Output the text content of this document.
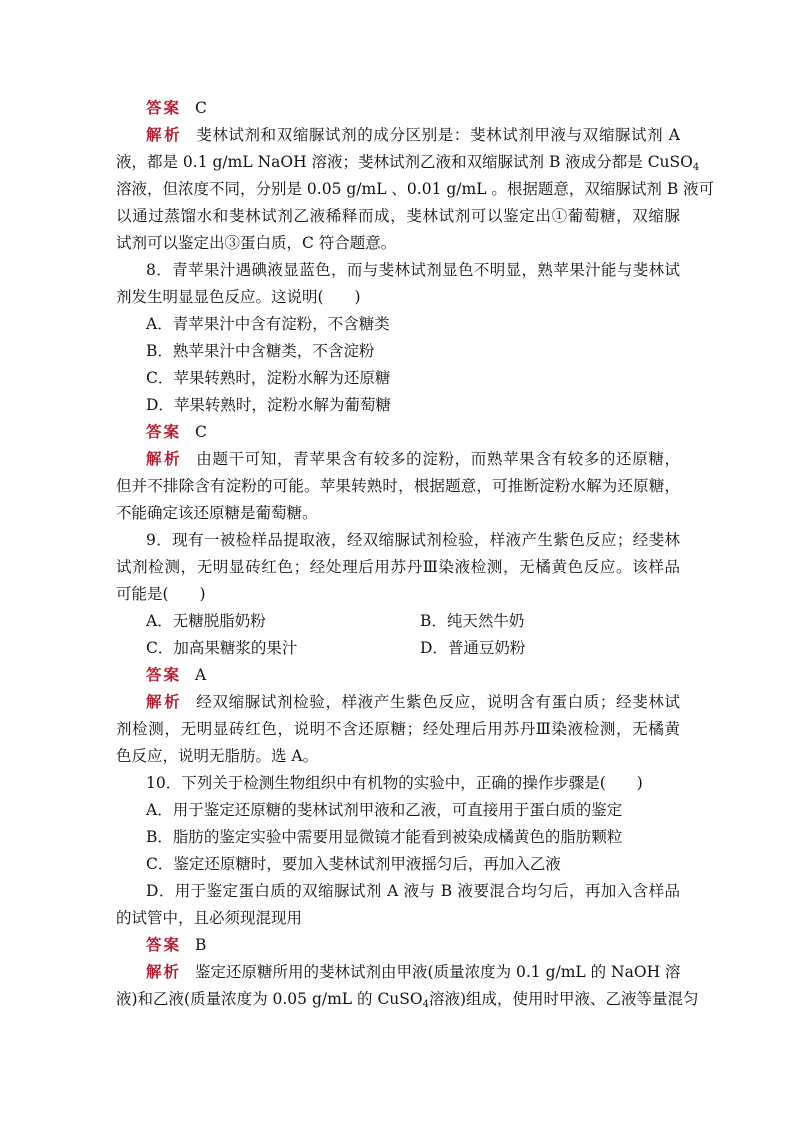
答案 C
解析 斐林试剂和双缩脲试剂的成分区别是：斐林试剂甲液与双缩脲试剂 A
液，都是 0.1 g/mL NaOH 溶液；斐林试剂乙液和双缩脲试剂 B 液成分都是 CuSO$_4$
溶液，但浓度不同，分别是 0.05 g/mL 、0.01 g/mL 。根据题意，双缩脲试剂 B 液可
以通过蒸馏水和斐林试剂乙液稀释而成，斐林试剂可以鉴定出①葡萄糖，双缩脲
试剂可以鉴定出③蛋白质，C 符合题意。
8．青苹果汁遇碘液显蓝色，而与斐林试剂显色不明显，熟苹果汁能与斐林试
剂发生明显显色反应。这说明(　　)
A．青苹果汁中含有淀粉，不含糖类
B．熟苹果汁中含糖类，不含淀粉
C．苹果转熟时，淀粉水解为还原糖
D．苹果转熟时，淀粉水解为葡萄糖
答案 C
解析 由题干可知，青苹果含有较多的淀粉，而熟苹果含有较多的还原糖，
但并不排除含有淀粉的可能。苹果转熟时，根据题意，可推断淀粉水解为还原糖，
不能确定该还原糖是葡萄糖。
9．现有一被检样品提取液，经双缩脲试剂检验，样液产生紫色反应；经斐林
试剂检测，无明显砖红色；经处理后用苏丹Ⅲ染液检测，无橘黄色反应。该样品
可能是(　　)
A．无糖脱脂奶粉	B．纯天然牛奶
C．加高果糖浆的果汁	D．普通豆奶粉
答案 A
解析 经双缩脲试剂检验，样液产生紫色反应，说明含有蛋白质；经斐林试
剂检测，无明显砖红色，说明不含还原糖；经处理后用苏丹Ⅲ染液检测，无橘黄
色反应，说明无脂肪。选 A。
10．下列关于检测生物组织中有机物的实验中，正确的操作步骤是(　　)
A．用于鉴定还原糖的斐林试剂甲液和乙液，可直接用于蛋白质的鉴定
B．脂肪的鉴定实验中需要用显微镜才能看到被染成橘黄色的脂肪颗粒
C．鉴定还原糖时，要加入斐林试剂甲液摇匀后，再加入乙液
D．用于鉴定蛋白质的双缩脲试剂 A 液与 B 液要混合均匀后，再加入含样品
的试管中，且必须现混现用
答案 B
解析 鉴定还原糖所用的斐林试剂由甲液(质量浓度为 0.1 g/mL 的 NaOH 溶
液)和乙液(质量浓度为 0.05 g/mL 的 CuSO$_4$溶液)组成，使用时甲液、乙液等量混匀
